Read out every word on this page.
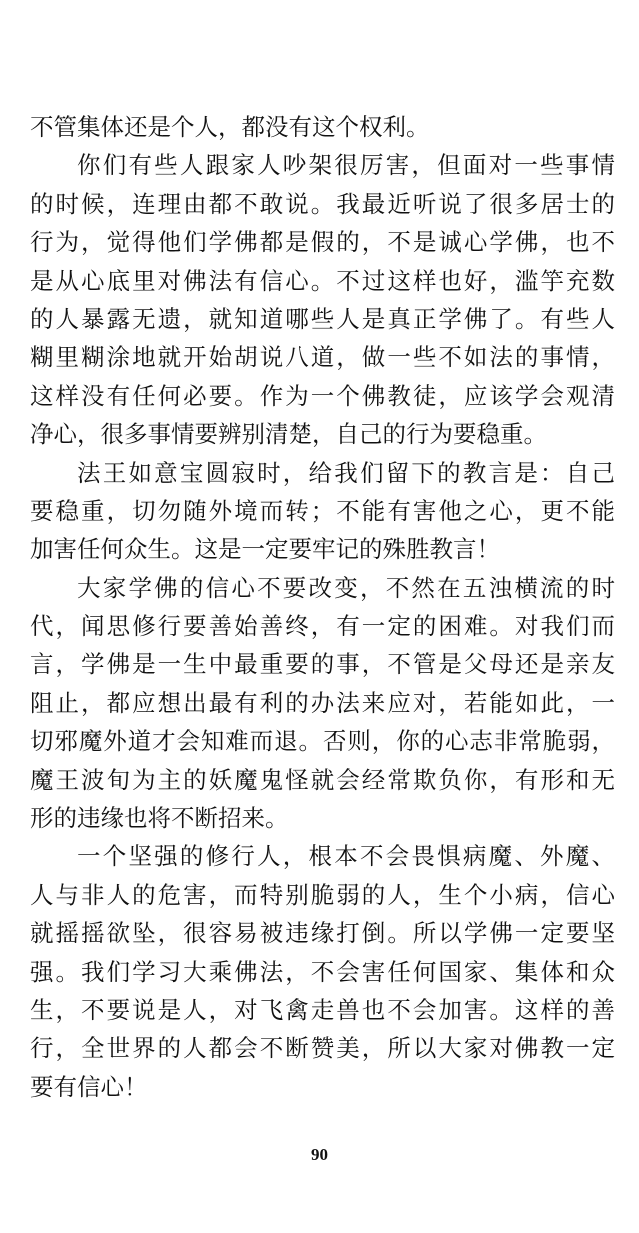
不管集体还是个人，都没有这个权利。
你们有些人跟家人吵架很厉害，但面对一些事情
的时候，连理由都不敢说。我最近听说了很多居士的
行为，觉得他们学佛都是假的，不是诚心学佛，也不
是从心底里对佛法有信心。不过这样也好，滥竽充数
的人暴露无遗，就知道哪些人是真正学佛了。有些人
糊里糊涂地就开始胡说八道，做一些不如法的事情，
这样没有任何必要。作为一个佛教徒，应该学会观清
净心，很多事情要辨别清楚，自己的行为要稳重。
法王如意宝圆寂时，给我们留下的教言是：自己
要稳重，切勿随外境而转；不能有害他之心，更不能
加害任何众生。这是一定要牢记的殊胜教言！
大家学佛的信心不要改变，不然在五浊横流的时
代，闻思修行要善始善终，有一定的困难。对我们而
言，学佛是一生中最重要的事，不管是父母还是亲友
阻止，都应想出最有利的办法来应对，若能如此，一
切邪魔外道才会知难而退。否则，你的心志非常脆弱，
魔王波旬为主的妖魔鬼怪就会经常欺负你，有形和无
形的违缘也将不断招来。
一个坚强的修行人，根本不会畏惧病魔、外魔、
人与非人的危害，而特别脆弱的人，生个小病，信心
就摇摇欲坠，很容易被违缘打倒。所以学佛一定要坚
强。我们学习大乘佛法，不会害任何国家、集体和众
生，不要说是人，对飞禽走兽也不会加害。这样的善
行，全世界的人都会不断赞美，所以大家对佛教一定
要有信心！
90
